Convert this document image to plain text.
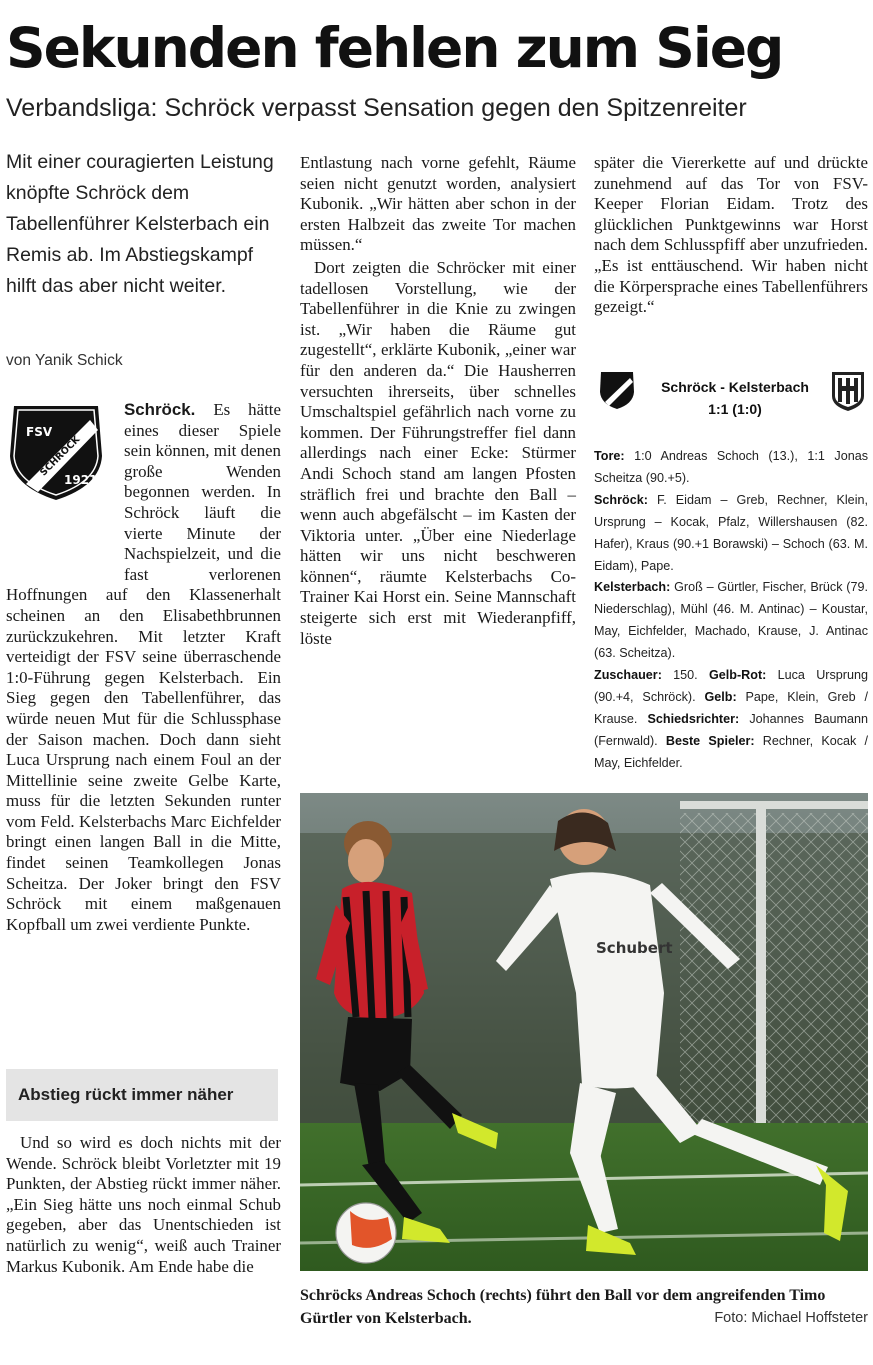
Sekunden fehlen zum Sieg
Verbandsliga: Schröck verpasst Sensation gegen den Spitzenreiter
Mit einer couragierten Leistung knöpfte Schröck dem Tabellenführer Kelsterbach ein Remis ab. Im Abstiegskampf hilft das aber nicht weiter.
von Yanik Schick
FSV
SCHRÖCK
1921

Schröck. Es hätte eines dieser Spiele sein können, mit denen große Wenden begonnen werden. In Schröck läuft die vierte Minute der Nachspielzeit, und die fast verlorenen Hoffnungen auf den Klassenerhalt scheinen an den Elisabethbrunnen zurückzukehren. Mit letzter Kraft verteidigt der FSV seine überraschende 1:0-Führung gegen Kelsterbach. Ein Sieg gegen den Tabellenführer, das würde neuen Mut für die Schlussphase der Saison machen. Doch dann sieht Luca Ursprung nach einem Foul an der Mittellinie seine zweite Gelbe Karte, muss für die letzten Sekunden runter vom Feld. Kelsterbachs Marc Eichfelder bringt einen langen Ball in die Mitte, findet seinen Teamkollegen Jonas Scheitza. Der Joker bringt den FSV Schröck mit einem maßgenauen Kopfball um zwei verdiente Punkte.

Abstieg rückt immer näher

Und so wird es doch nichts mit der Wende. Schröck bleibt Vorletzter mit 19 Punkten, der Abstieg rückt immer näher. „Ein Sieg hätte uns noch einmal Schub gegeben, aber das Unentschieden ist natürlich zu wenig“, weiß auch Trainer Markus Kubonik. Am Ende habe die

Entlastung nach vorne gefehlt, Räume seien nicht genutzt worden, analysiert Kubonik. „Wir hätten aber schon in der ersten Halbzeit das zweite Tor machen müssen.“

Dort zeigten die Schröcker mit einer tadellosen Vorstellung, wie der Tabellenführer in die Knie zu zwingen ist. „Wir haben die Räume gut zugestellt“, erklärte Kubonik, „einer war für den anderen da.“ Die Hausherren versuchten ihrerseits, über schnelles Umschaltspiel gefährlich nach vorne zu kommen. Der Führungstreffer fiel dann allerdings nach einer Ecke: Stürmer Andi Schoch stand am langen Pfosten sträflich frei und brachte den Ball – wenn auch abgefälscht – im Kasten der Viktoria unter. „Über eine Niederlage hätten wir uns nicht beschweren können“, räumte Kelsterbachs Co-Trainer Kai Horst ein. Seine Mannschaft steigerte sich erst mit Wiederanpfiff, löste

später die Viererkette auf und drückte zunehmend auf das Tor von FSV-Keeper Florian Eidam. Trotz des glücklichen Punktgewinns war Horst nach dem Schlusspfiff aber unzufrieden. „Es ist enttäuschend. Wir haben nicht die Körpersprache eines Tabellenführers gezeigt.“

Schröck - Kelsterbach
1:1 (1:0)

Tore: 1:0 Andreas Schoch (13.), 1:1 Jonas Scheitza (90.+5).

Schröck: F. Eidam – Greb, Rechner, Klein, Ursprung – Kocak, Pfalz, Willershausen (82. Hafer), Kraus (90.+1 Borawski) – Schoch (63. M. Eidam), Pape.

Kelsterbach: Groß – Gürtler, Fischer, Brück (79. Niederschlag), Mühl (46. M. Antinac) – Koustar, May, Eichfelder, Machado, Krause, J. Antinac (63. Scheitza).

Zuschauer: 150. Gelb-Rot: Luca Ursprung (90.+4, Schröck). Gelb: Pape, Klein, Greb / Krause. Schiedsrichter: Johannes Baumann (Fernwald). Beste Spieler: Rechner, Kocak / May, Eichfelder.

Schubert
Schröcks Andreas Schoch (rechts) führt den Ball vor dem angreifenden Timo Gürtler von Kelsterbach.	Foto: Michael Hoffsteter
